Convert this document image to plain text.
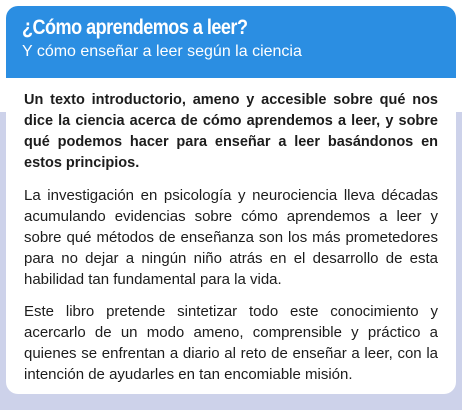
¿Cómo aprendemos a leer?
Y cómo enseñar a leer según la ciencia

Un texto introductorio, ameno y accesible sobre qué nos dice la ciencia acerca de cómo aprendemos a leer, y sobre qué podemos hacer para enseñar a leer basándonos en estos principios.

La investigación en psicología y neurociencia lleva décadas acumulando evidencias sobre cómo aprendemos a leer y sobre qué métodos de enseñanza son los más prometedores para no dejar a ningún niño atrás en el desarrollo de esta habilidad tan fundamental para la vida.

Este libro pretende sintetizar todo este conocimiento y acercarlo de un modo ameno, comprensible y práctico a quienes se enfrentan a diario al reto de enseñar a leer, con la intención de ayudarles en tan encomiable misión.
